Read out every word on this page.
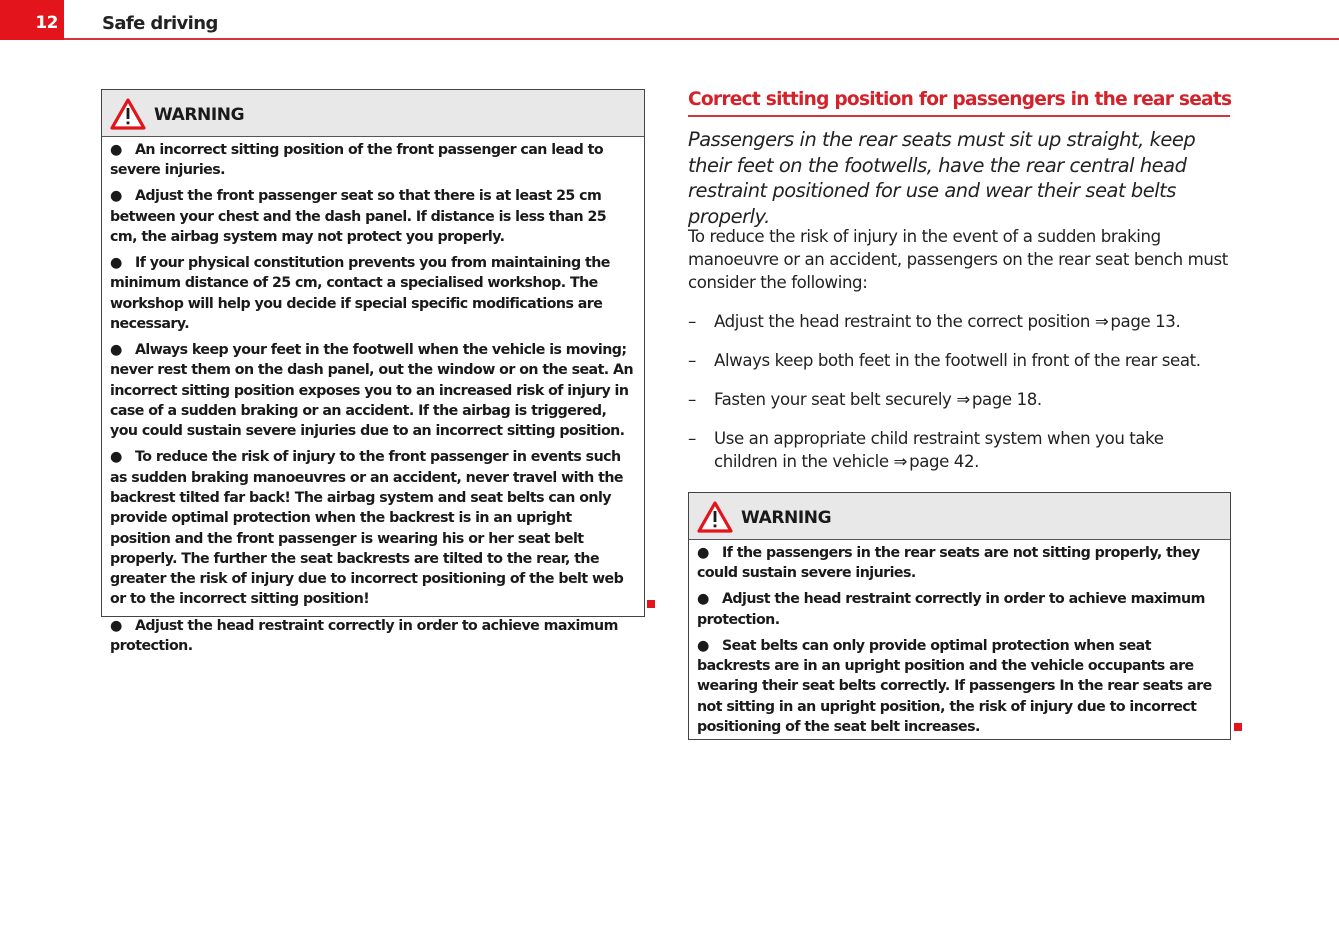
12 Safe driving
WARNING

● An incorrect sitting position of the front passenger can lead to severe injuries.

● Adjust the front passenger seat so that there is at least 25 cm between your chest and the dash panel. If distance is less than 25 cm, the airbag system may not protect you properly.

● If your physical constitution prevents you from maintaining the minimum distance of 25 cm, contact a specialised workshop. The workshop will help you decide if special specific modifications are necessary.

● Always keep your feet in the footwell when the vehicle is moving; never rest them on the dash panel, out the window or on the seat. An incorrect sitting position exposes you to an increased risk of injury in case of a sudden braking or an accident. If the airbag is triggered, you could sustain severe injuries due to an incorrect sitting position.

● To reduce the risk of injury to the front passenger in events such as sudden braking manoeuvres or an accident, never travel with the backrest tilted far back! The airbag system and seat belts can only provide optimal protection when the backrest is in an upright position and the front passenger is wearing his or her seat belt properly. The further the seat backrests are tilted to the rear, the greater the risk of injury due to incorrect positioning of the belt web or to the incorrect sitting position!

● Adjust the head restraint correctly in order to achieve maximum protection.

Correct sitting position for passengers in the rear seats
Passengers in the rear seats must sit up straight, keep their feet on the footwells, have the rear central head restraint positioned for use and wear their seat belts properly.
To reduce the risk of injury in the event of a sudden braking manoeuvre or an accident, passengers on the rear seat bench must consider the following:
– Adjust the head restraint to the correct position ⇒ page 13.
– Always keep both feet in the footwell in front of the rear seat.
– Fasten your seat belt securely ⇒ page 18.
– Use an appropriate child restraint system when you take children in the vehicle ⇒ page 42.
WARNING

● If the passengers in the rear seats are not sitting properly, they could sustain severe injuries.

● Adjust the head restraint correctly in order to achieve maximum protection.

● Seat belts can only provide optimal protection when seat backrests are in an upright position and the vehicle occupants are wearing their seat belts correctly. If passengers In the rear seats are not sitting in an upright position, the risk of injury due to incorrect positioning of the seat belt increases.
